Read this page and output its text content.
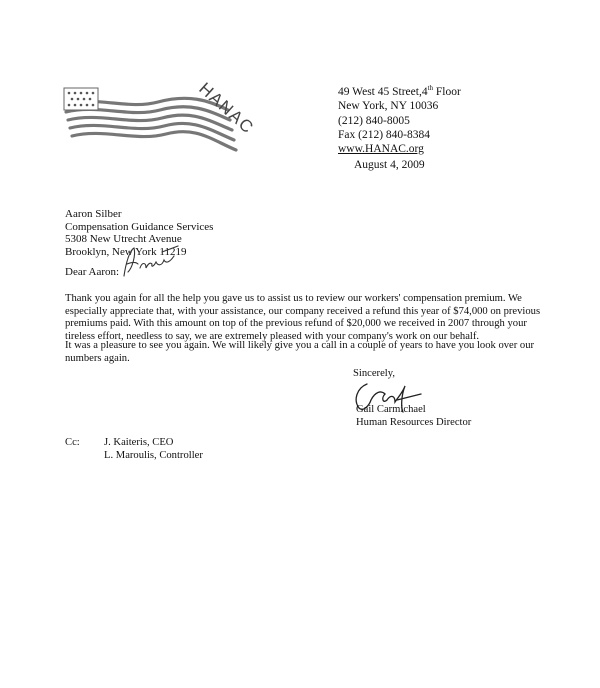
HANAC	49 West 45 Street,4th Floor
New York, NY 10036
(212) 840-8005
Fax (212) 840-8384
www.HANAC.org
August 4, 2009
Aaron Silber
Compensation Guidance Services
5308 New Utrecht Avenue
Brooklyn, New York 11219
Dear Aaron:
Thank you again for all the help you gave us to assist us to review our workers' compensation premium. We
especially appreciate that, with your assistance, our company received a refund this year of $74,000 on previous
premiums paid. With this amount on top of the previous refund of $20,000 we received in 2007 through your
tireless effort, needless to say, we are extremely pleased with your company's work on our behalf.
It was a pleasure to see you again. We will likely give you a call in a couple of years to have you look over our
numbers again.
Sincerely,
Gail Carmichael
Human Resources Director
Cc: J. Kaiteris, CEO
L. Maroulis, Controller
